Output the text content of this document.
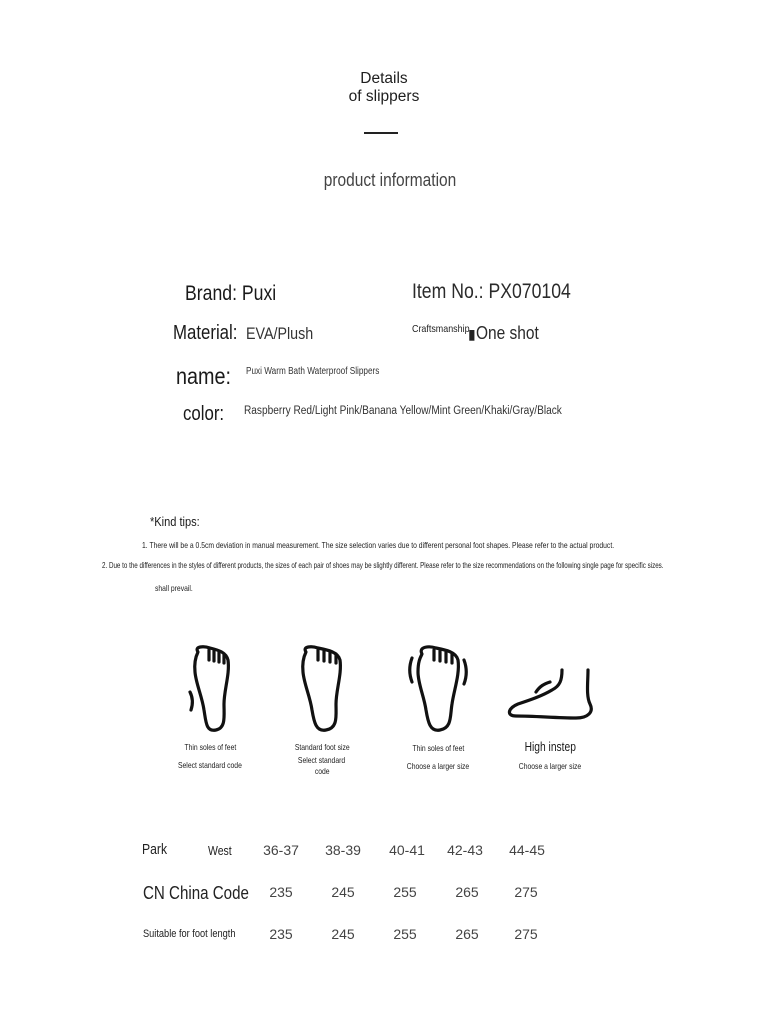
Details
of slippers
product information
Brand: Puxi	Item No.: PX070104
Material: EVA/Plush	Craftsmanship▮One shot
name: Puxi Warm Bath Waterproof Slippers
color: Raspberry Red/Light Pink/Banana Yellow/Mint Green/Khaki/Gray/Black
*Kind tips:
1. There will be a 0.5cm deviation in manual measurement. The size selection varies due to different personal foot shapes. Please refer to the actual product.
2. Due to the differences in the styles of different products, the sizes of each pair of shoes may be slightly different. Please refer to the size recommendations on the following single page for specific sizes.
shall prevail.
Thin soles of feet
Select standard code
Standard foot size
Select standard
code
Thin soles of feet
Choose a larger size
High instep
Choose a larger size
Park	West	36-37	38-39	40-41	42-43	44-45
CN China Code	235	245	255	265	275
Suitable for foot length	235	245	255	265	275
